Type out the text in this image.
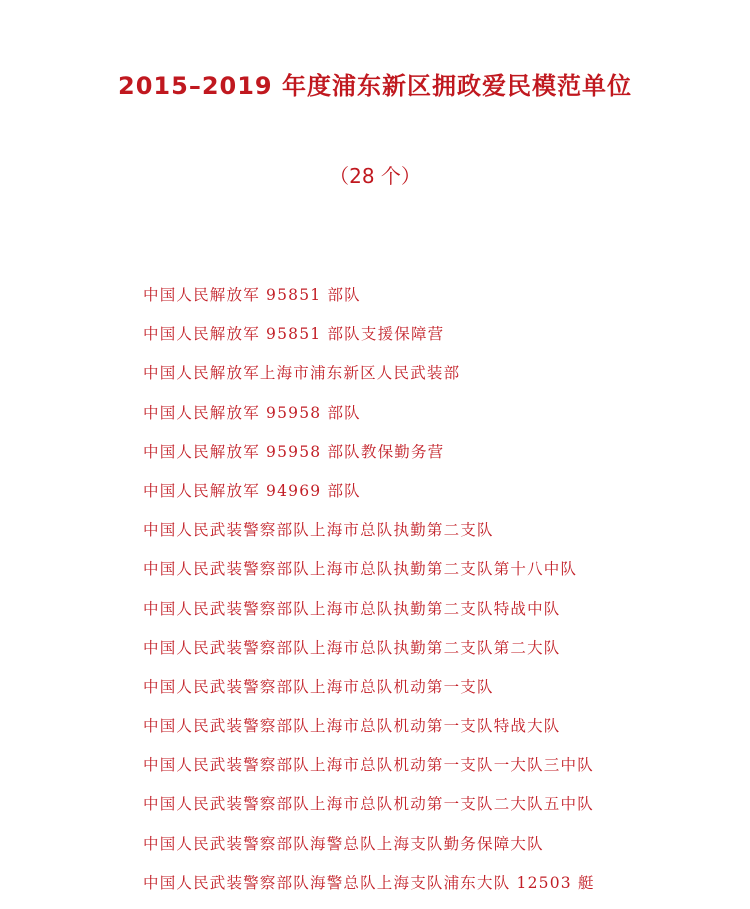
2015–2019 年度浦东新区拥政爱民模范单位
（28 个）
中国人民解放军 95851 部队
中国人民解放军 95851 部队支援保障营
中国人民解放军上海市浦东新区人民武装部
中国人民解放军 95958 部队
中国人民解放军 95958 部队教保勤务营
中国人民解放军 94969 部队
中国人民武装警察部队上海市总队执勤第二支队
中国人民武装警察部队上海市总队执勤第二支队第十八中队
中国人民武装警察部队上海市总队执勤第二支队特战中队
中国人民武装警察部队上海市总队执勤第二支队第二大队
中国人民武装警察部队上海市总队机动第一支队
中国人民武装警察部队上海市总队机动第一支队特战大队
中国人民武装警察部队上海市总队机动第一支队一大队三中队
中国人民武装警察部队上海市总队机动第一支队二大队五中队
中国人民武装警察部队海警总队上海支队勤务保障大队
中国人民武装警察部队海警总队上海支队浦东大队 12503 艇
